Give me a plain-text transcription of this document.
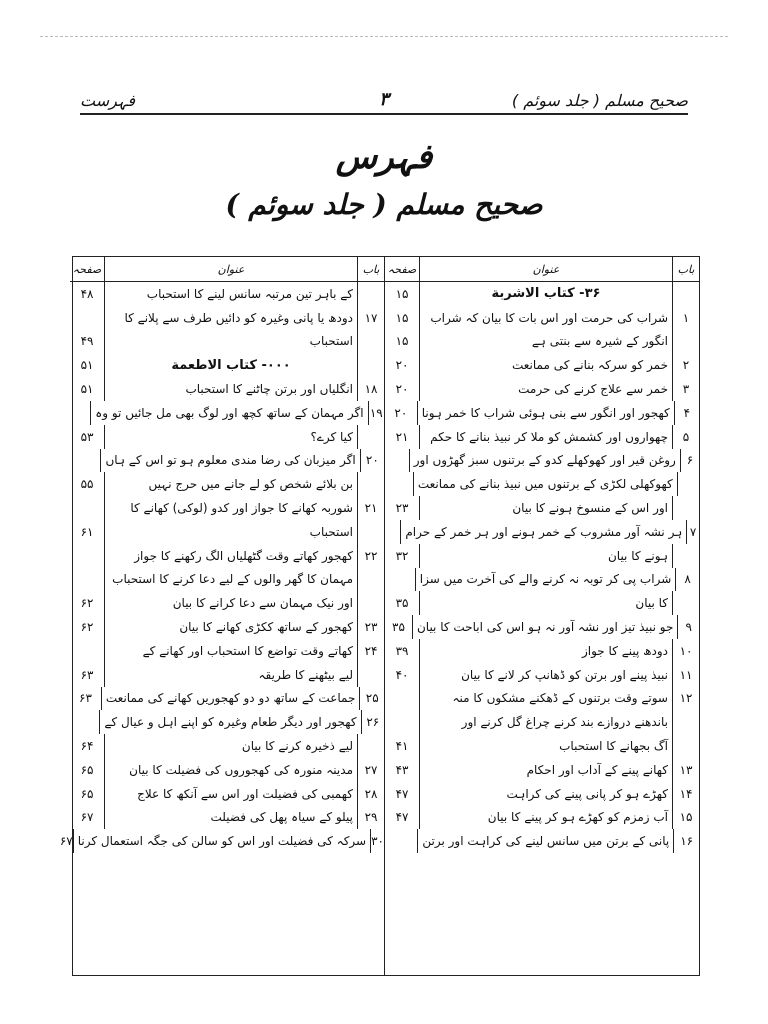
صحیح مسلم ( جلد سوئم )
۳
فہرست
فہرس
صحیح مسلم ( جلد سوئم )
باب
عنوان
صفحہ
۳۶- کتاب الاشربة
۱۵
۱
شراب کی حرمت اور اس بات کا بیان کہ شراب
۱۵
انگور کے شیرہ سے بنتی ہے
۱۵
۲
خمر کو سرکہ بنانے کی ممانعت
۲۰
۳
خمر سے علاج کرنے کی حرمت
۲۰
۴
کھجور اور انگور سے بنی ہوئی شراب کا خمر ہونا
۲۰
۵
چھواروں اور کشمش کو ملا کر نبیذ بنانے کا حکم
۲۱
۶
روغن قیر اور کھوکھلے کدو کے برتنوں سبز گھڑوں اور
کھوکھلی لکڑی کے برتنوں میں نبیذ بنانے کی ممانعت
اور اس کے منسوخ ہونے کا بیان
۲۳
۷
ہر نشہ آور مشروب کے خمر ہونے اور ہر خمر کے حرام
ہونے کا بیان
۳۲
۸
شراب پی کر توبہ نہ کرنے والے کی آخرت میں سزا
کا بیان
۳۵
۹
جو نبیذ تیز اور نشہ آور نہ ہو اس کی اباحت کا بیان
۳۵
۱۰
دودھ پینے کا جواز
۳۹
۱۱
نبیذ پینے اور برتن کو ڈھانپ کر لانے کا بیان
۴۰
۱۲
سوتے وقت برتنوں کے ڈھکنے مشکوں کا منہ
باندھنے دروازے بند کرنے چراغ گل کرنے اور
آگ بجھانے کا استحباب
۴۱
۱۳
کھانے پینے کے آداب اور احکام
۴۳
۱۴
کھڑے ہو کر پانی پینے کی کراہت
۴۷
۱۵
آب زمزم کو کھڑے ہو کر پینے کا بیان
۴۷
۱۶
پانی کے برتن میں سانس لینے کی کراہت اور برتن
باب
عنوان
صفحہ
کے باہر تین مرتبہ سانس لینے کا استحباب
۴۸
۱۷
دودھ یا پانی وغیرہ کو دائیں طرف سے پلانے کا
استحباب
۴۹
۰۰۰- کتاب الاطعمة
۵۱
۱۸
انگلیاں اور برتن چاٹنے کا استحباب
۵۱
۱۹
اگر مہمان کے ساتھ کچھ اور لوگ بھی مل جائیں تو وہ
کیا کرے؟
۵۳
۲۰
اگر میزبان کی رضا مندی معلوم ہو تو اس کے ہاں
بن بلائے شخص کو لے جانے میں حرج نہیں
۵۵
۲۱
شوربہ کھانے کا جواز اور کدو (لوکی) کھانے کا
استحباب
۶۱
۲۲
کھجور کھاتے وقت گٹھلیاں الگ رکھنے کا جواز
مہمان کا گھر والوں کے لیے دعا کرنے کا استحباب
اور نیک مہمان سے دعا کرانے کا بیان
۶۲
۲۳
کھجور کے ساتھ ککڑی کھانے کا بیان
۶۲
۲۴
کھاتے وقت تواضع کا استحباب اور کھانے کے
لیے بیٹھنے کا طریقہ
۶۳
۲۵
جماعت کے ساتھ دو دو کھجوریں کھانے کی ممانعت
۶۳
۲۶
کھجور اور دیگر طعام وغیرہ کو اپنے اہل و عیال کے
لیے ذخیرہ کرنے کا بیان
۶۴
۲۷
مدینہ منورہ کی کھجوروں کی فضیلت کا بیان
۶۵
۲۸
کھمبی کی فضیلت اور اس سے آنکھ کا علاج
۶۵
۲۹
پیلو کے سیاہ پھل کی فضیلت
۶۷
۳۰
سرکہ کی فضیلت اور اس کو سالن کی جگہ استعمال کرنا
۶۷
